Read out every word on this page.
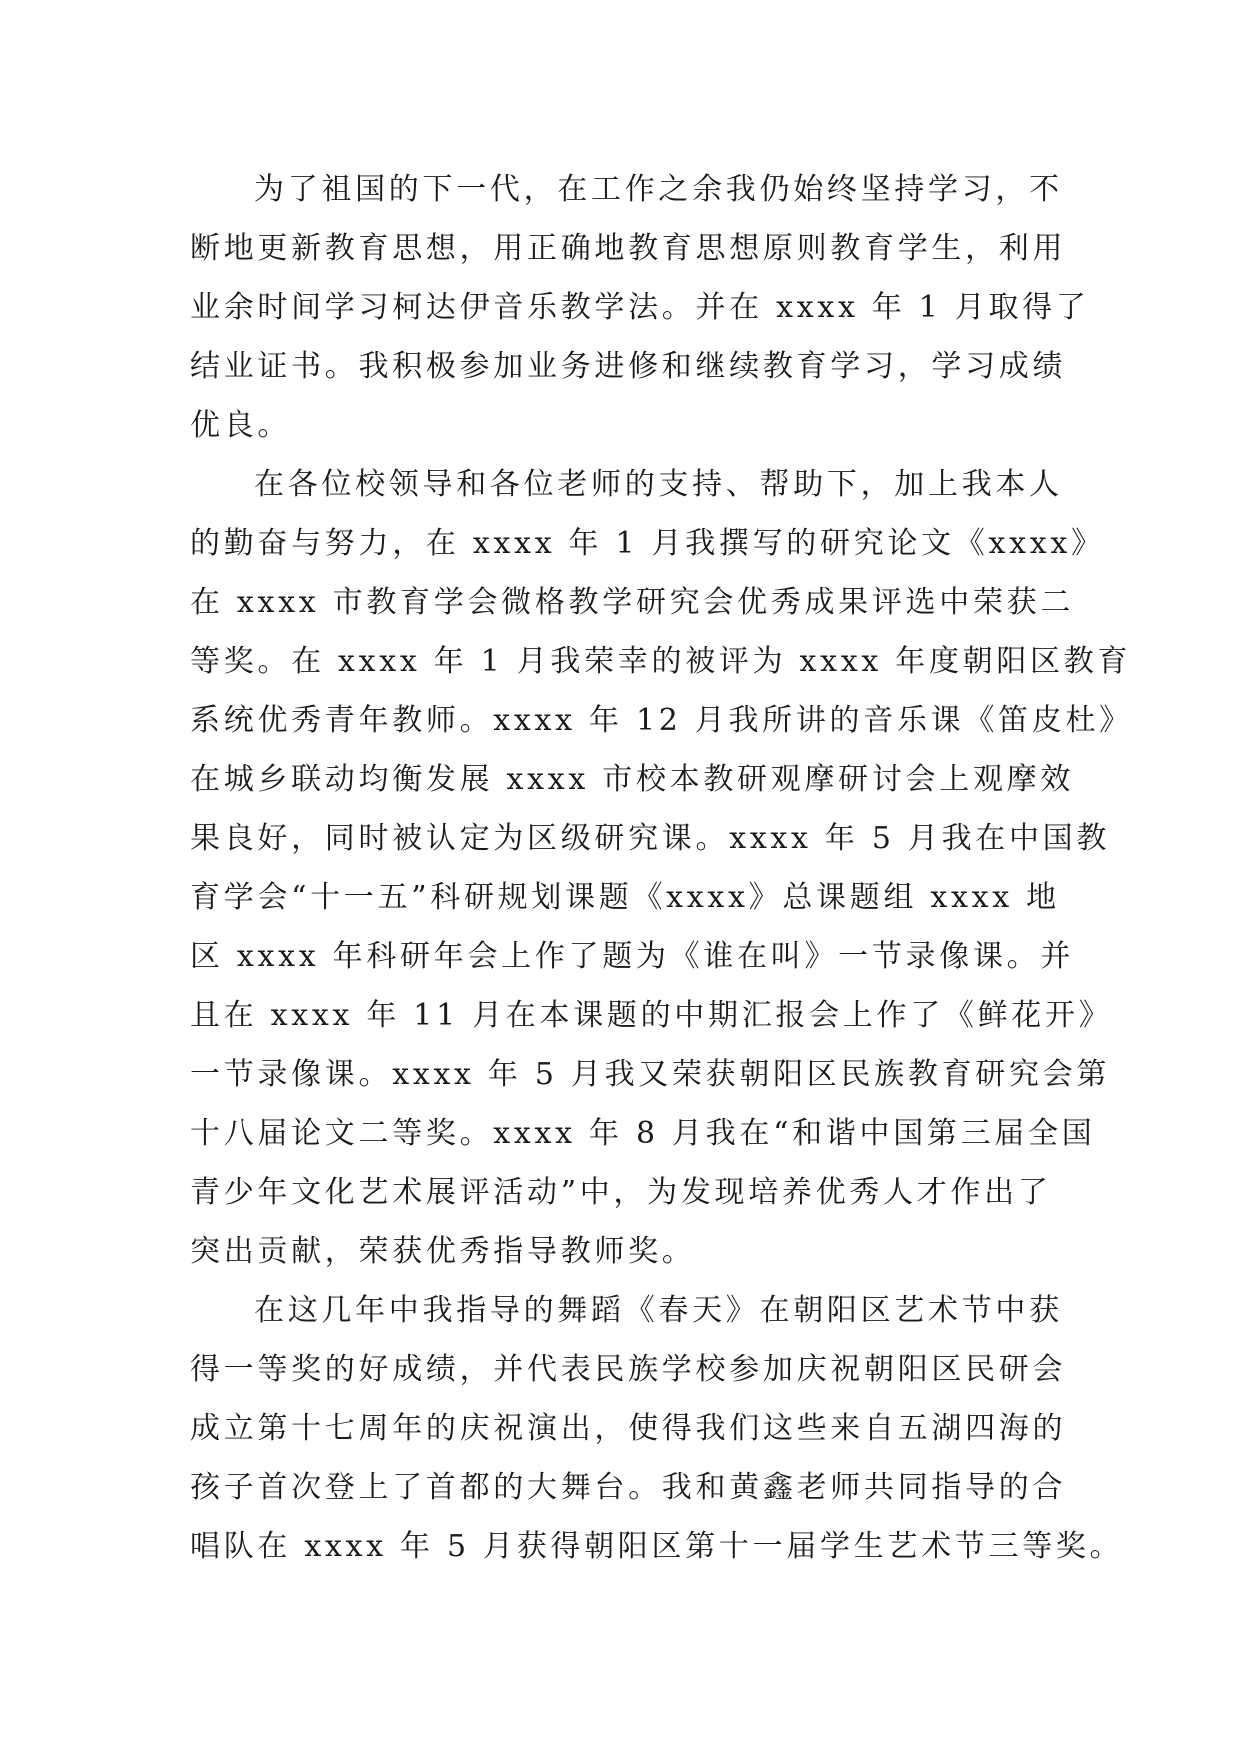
为了祖国的下一代，在工作之余我仍始终坚持学习，不
断地更新教育思想，用正确地教育思想原则教育学生，利用
业余时间学习柯达伊音乐教学法。并在 xxxx 年 1 月取得了
结业证书。我积极参加业务进修和继续教育学习，学习成绩
优良。

在各位校领导和各位老师的支持、帮助下，加上我本人
的勤奋与努力，在 xxxx 年 1 月我撰写的研究论文《xxxx》
在 xxxx 市教育学会微格教学研究会优秀成果评选中荣获二
等奖。在 xxxx 年 1 月我荣幸的被评为 xxxx 年度朝阳区教育
系统优秀青年教师。xxxx 年 12 月我所讲的音乐课《笛皮杜》
在城乡联动均衡发展 xxxx 市校本教研观摩研讨会上观摩效
果良好，同时被认定为区级研究课。xxxx 年 5 月我在中国教
育学会“十一五”科研规划课题《xxxx》总课题组 xxxx 地
区 xxxx 年科研年会上作了题为《谁在叫》一节录像课。并
且在 xxxx 年 11 月在本课题的中期汇报会上作了《鲜花开》
一节录像课。xxxx 年 5 月我又荣获朝阳区民族教育研究会第
十八届论文二等奖。xxxx 年 8 月我在“和谐中国第三届全国
青少年文化艺术展评活动”中，为发现培养优秀人才作出了
突出贡献，荣获优秀指导教师奖。

在这几年中我指导的舞蹈《春天》在朝阳区艺术节中获
得一等奖的好成绩，并代表民族学校参加庆祝朝阳区民研会
成立第十七周年的庆祝演出，使得我们这些来自五湖四海的
孩子首次登上了首都的大舞台。我和黄鑫老师共同指导的合
唱队在 xxxx 年 5 月获得朝阳区第十一届学生艺术节三等奖。
